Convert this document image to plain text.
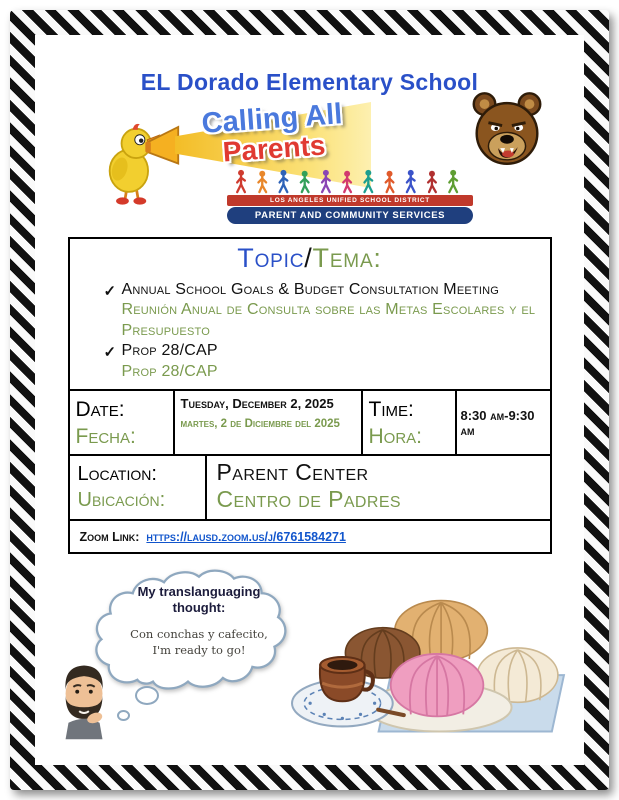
EL Dorado Elementary School
Calling All
Parents
LOS ANGELES UNIFIED SCHOOL DISTRICT
PARENT AND COMMUNITY SERVICES
Topic/Tema:
✓ Annual School Goals & Budget Consultation Meeting
Reunión Anual de Consulta sobre las Metas Escolares y el Presupuesto
✓ Prop 28/CAP
Prop 28/CAP
Date:
Fecha:
Tuesday, December 2, 2025
martes, 2 de Diciembre del 2025
Time:
Hora:
8:30 am-9:30 am
Location:
Ubicación:
Parent Center
Centro de Padres
Zoom Link: https://lausd.zoom.us/j/6761584271
My translanguaging thought:
Con conchas y cafecito,
I'm ready to go!
